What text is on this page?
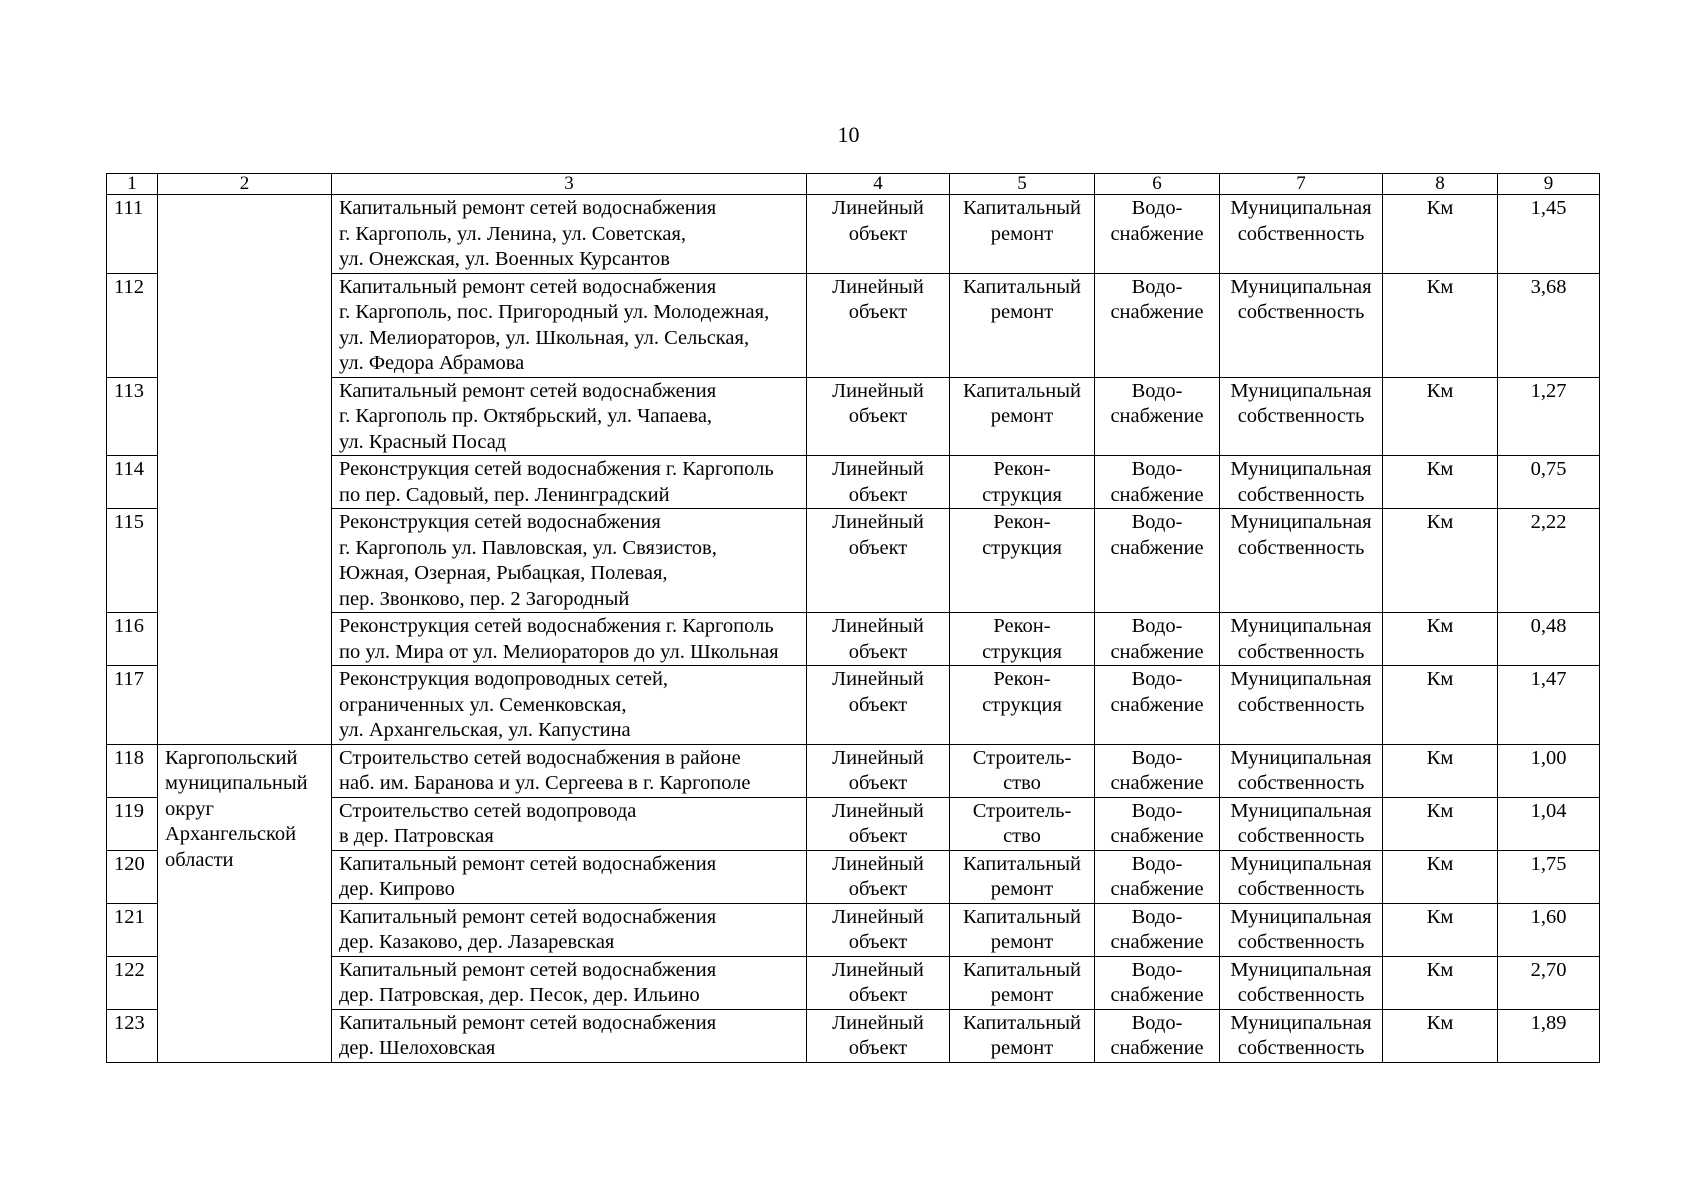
10
1	2	3	4	5	6	7	8	9
111		Капитальный ремонт сетей водоснабжения
г. Каргополь, ул. Ленина, ул. Советская,
ул. Онежская, ул. Военных Курсантов	Линейный
объект	Капитальный
ремонт	Водо-
снабжение	Муниципальная
собственность	Км	1,45
112		Капитальный ремонт сетей водоснабжения
г. Каргополь, пос. Пригородный ул. Молодежная,
ул. Мелиораторов, ул. Школьная, ул. Сельская,
ул. Федора Абрамова	Линейный
объект	Капитальный
ремонт	Водо-
снабжение	Муниципальная
собственность	Км	3,68
113		Капитальный ремонт сетей водоснабжения
г. Каргополь пр. Октябрьский, ул. Чапаева,
ул. Красный Посад	Линейный
объект	Капитальный
ремонт	Водо-
снабжение	Муниципальная
собственность	Км	1,27
114		Реконструкция сетей водоснабжения г. Каргополь
по пер. Садовый, пер. Ленинградский	Линейный
объект	Рекон-
струкция	Водо-
снабжение	Муниципальная
собственность	Км	0,75
115		Реконструкция сетей водоснабжения
г. Каргополь ул. Павловская, ул. Связистов,
Южная, Озерная, Рыбацкая, Полевая,
пер. Звонково, пер. 2 Загородный	Линейный
объект	Рекон-
струкция	Водо-
снабжение	Муниципальная
собственность	Км	2,22
116		Реконструкция сетей водоснабжения г. Каргополь
по ул. Мира от ул. Мелиораторов до ул. Школьная	Линейный
объект	Рекон-
струкция	Водо-
снабжение	Муниципальная
собственность	Км	0,48
117		Реконструкция водопроводных сетей,
ограниченных ул. Семенковская,
ул. Архангельская, ул. Капустина	Линейный
объект	Рекон-
струкция	Водо-
снабжение	Муниципальная
собственность	Км	1,47
118	Каргопольский
муниципальный
округ
Архангельской
области	Строительство сетей водоснабжения в районе
наб. им. Баранова и ул. Сергеева в г. Каргополе	Линейный
объект	Строитель-
ство	Водо-
снабжение	Муниципальная
собственность	Км	1,00
119		Строительство сетей водопровода
в дер. Патровская	Линейный
объект	Строитель-
ство	Водо-
снабжение	Муниципальная
собственность	Км	1,04
120		Капитальный ремонт сетей водоснабжения
дер. Кипрово	Линейный
объект	Капитальный
ремонт	Водо-
снабжение	Муниципальная
собственность	Км	1,75
121		Капитальный ремонт сетей водоснабжения
дер. Казаково, дер. Лазаревская	Линейный
объект	Капитальный
ремонт	Водо-
снабжение	Муниципальная
собственность	Км	1,60
122		Капитальный ремонт сетей водоснабжения
дер. Патровская, дер. Песок, дер. Ильино	Линейный
объект	Капитальный
ремонт	Водо-
снабжение	Муниципальная
собственность	Км	2,70
123		Капитальный ремонт сетей водоснабжения
дер. Шелоховская	Линейный
объект	Капитальный
ремонт	Водо-
снабжение	Муниципальная
собственность	Км	1,89
